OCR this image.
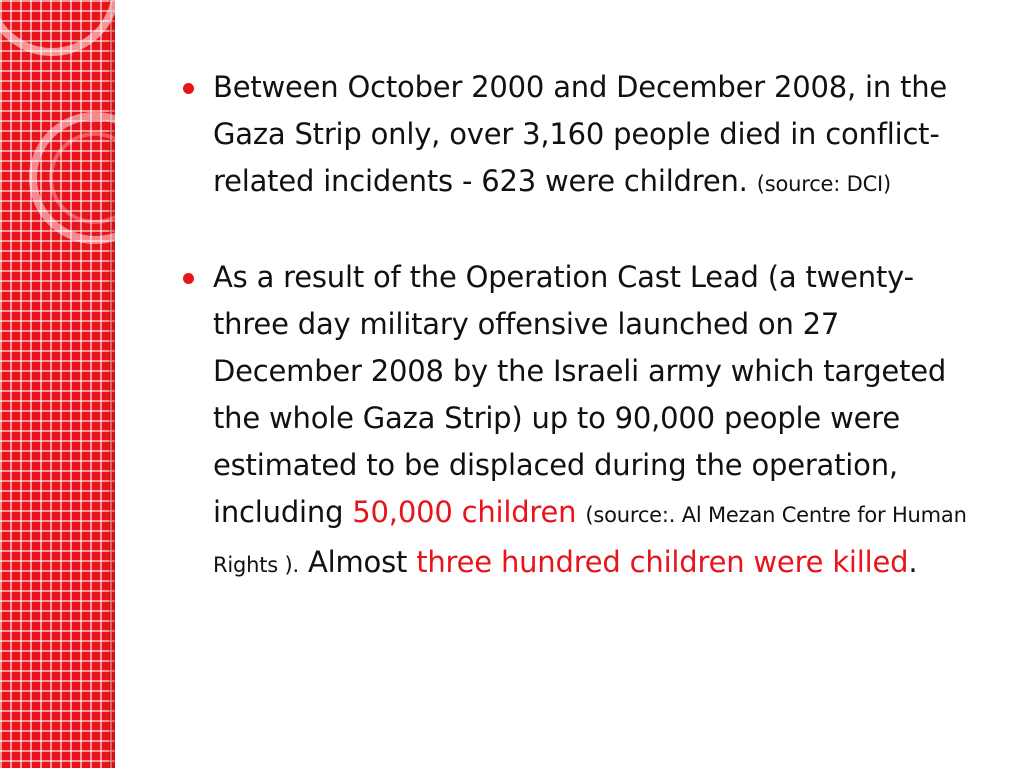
Between October 2000 and December 2008, in the Gaza Strip only, over 3,160 people died in conflict-related incidents - 623 were children. (source: DCI)
As a result of the Operation Cast Lead (a twenty-three day military offensive launched on 27 December 2008 by the Israeli army which targeted the whole Gaza Strip) up to 90,000 people were estimated to be displaced during the operation, including 50,000 children (source:. Al Mezan Centre for Human Rights ). Almost three hundred children were killed.
